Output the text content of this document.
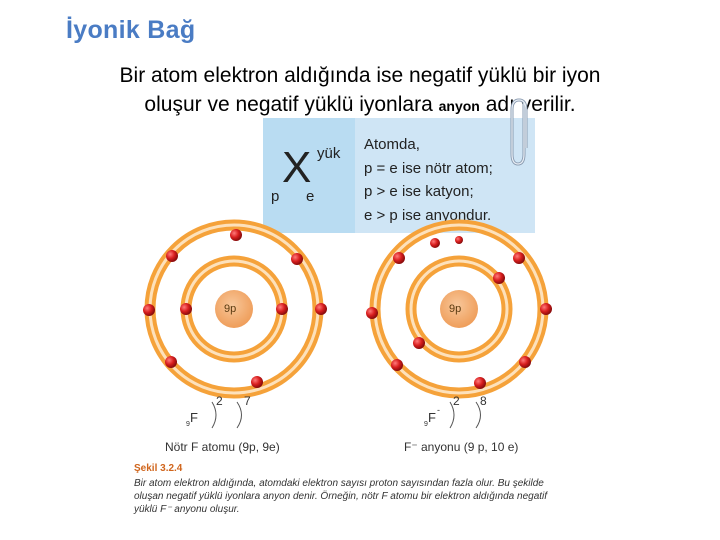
İyonik Bağ
Bir atom elektron aldığında ise negatif yüklü bir iyon
oluşur ve negatif yüklü iyonlara anyon adı verilir.
X yük
p e
Atomda,
p = e ise nötr atom;
p > e ise katyon;
e > p ise anyondur.
9p	9p
F
9
2 7
F -
9
2 8
Nötr F atomu (9p, 9e)	F⁻ anyonu (9 p, 10 e)
Şekil 3.2.4
Bir atom elektron aldığında, atomdaki elektron sayısı proton sayısından fazla olur. Bu şekilde oluşan negatif yüklü iyonlara anyon denir. Örneğin, nötr F atomu bir elektron aldığında negatif yüklü F⁻ anyonu oluşur.
